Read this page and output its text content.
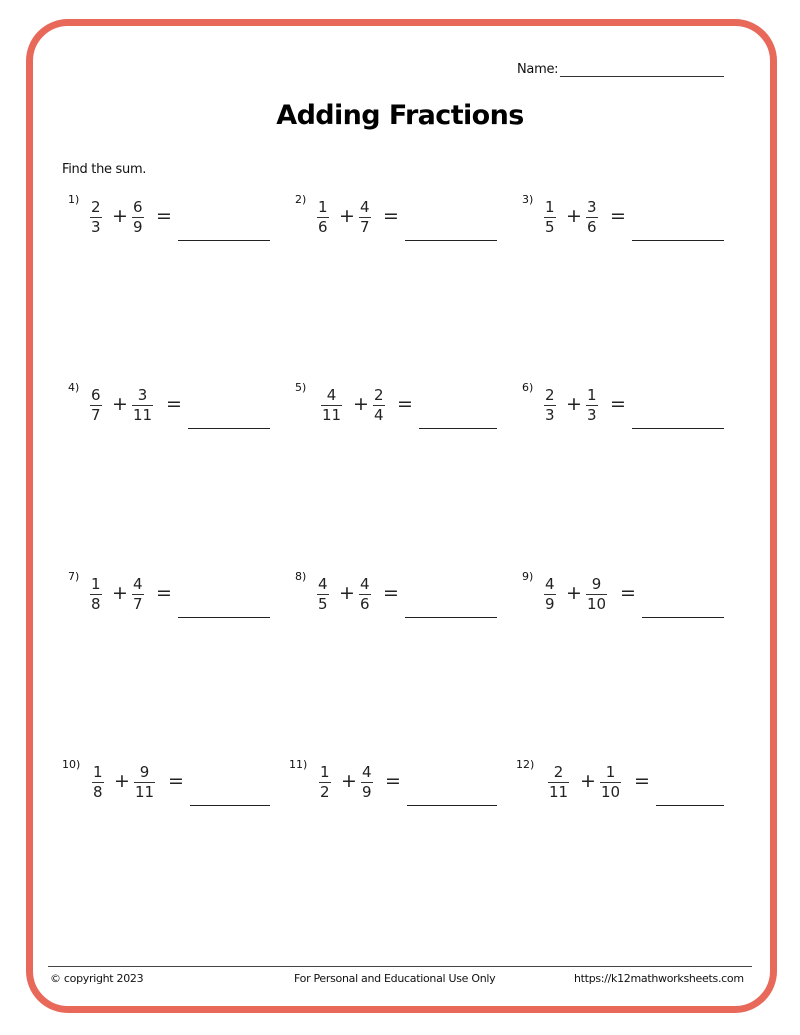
Name:
Adding Fractions
Find the sum.
1) 2
3 + 6
9 =
2) 1
6 + 4
7 =
3) 1
5 + 3
6 =
4) 6
7 + 3
11 =
5) 4
11 + 2
4 =
6) 2
3 + 1
3 =
7) 1
8 + 4
7 =
8) 4
5 + 4
6 =
9) 4
9 + 9
10 =
10) 1
8 + 9
11 =
11) 1
2 + 4
9 =
12) 2
11 + 1
10 =
© copyright 2023	For Personal and Educational Use Only	https://k12mathworksheets.com
